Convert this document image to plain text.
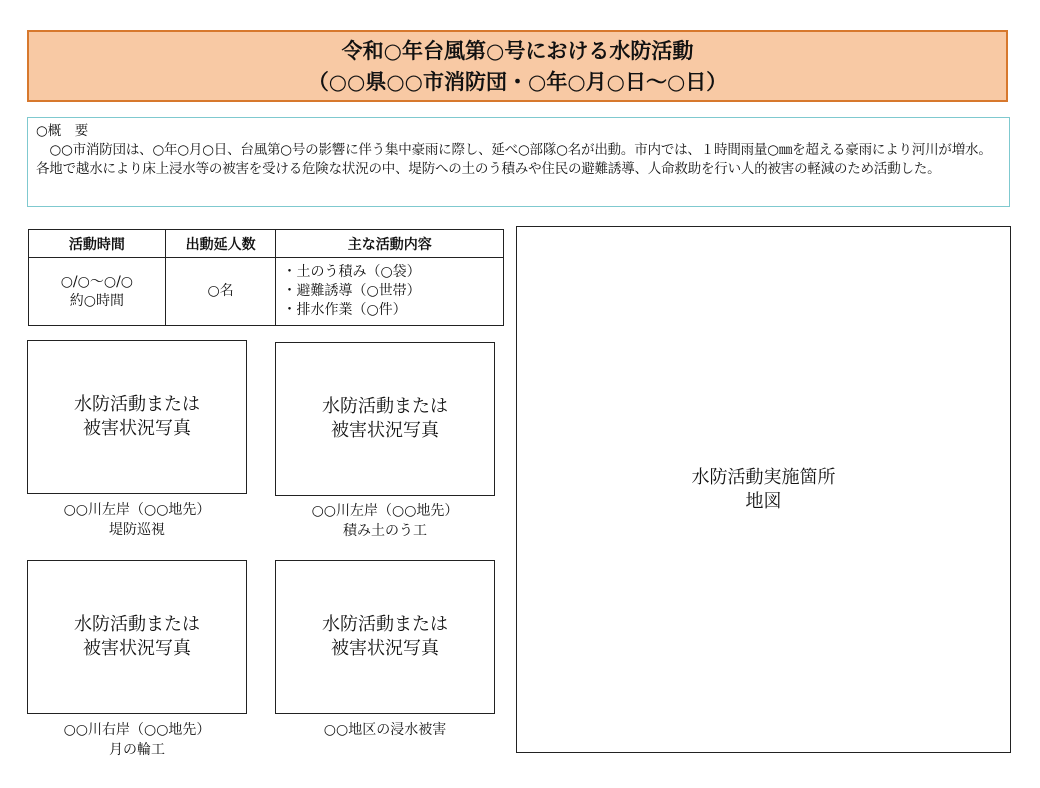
令和○年台風第○号における水防活動
（○○県○○市消防団・○年○月○日～○日）
○概　要
○○市消防団は、○年○月○日、台風第○号の影響に伴う集中豪雨に際し、延べ○部隊○名が出動。市内では、１時間雨量○㎜を超える豪雨により河川が増水。各地で越水により床上浸水等の被害を受ける危険な状況の中、堤防への土のう積みや住民の避難誘導、人命救助を行い人的被害の軽減のため活動した。
活動時間	出動延人数	主な活動内容

○/○～○/○
約○時間	○名	・土のう積み（○袋）
・避難誘導（○世帯）
・排水作業（○件）
水防活動または
被害状況写真
○○川左岸（○○地先）
堤防巡視
水防活動または
被害状況写真
○○川左岸（○○地先）
積み土のう工
水防活動または
被害状況写真
○○川右岸（○○地先）
月の輪工
水防活動または
被害状況写真
○○地区の浸水被害
水防活動実施箇所
地図
